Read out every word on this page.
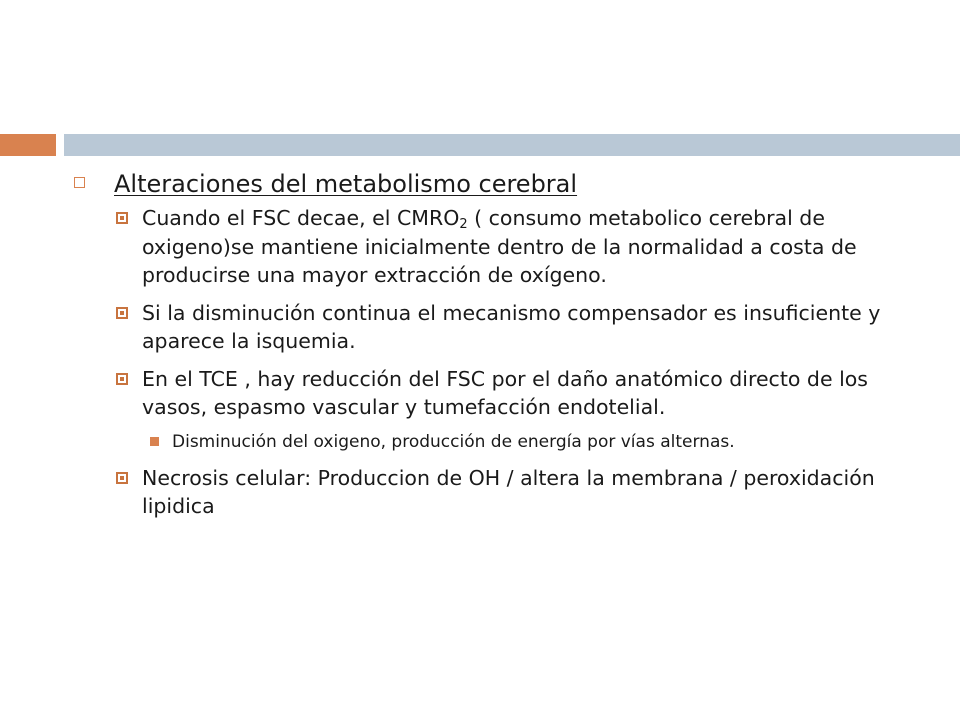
Alteraciones del metabolismo cerebral
Cuando el FSC decae, el $CMRO_2$ ( consumo metabolico cerebral de oxigeno)se mantiene inicialmente dentro de la normalidad a costa de producirse una mayor extracción de oxígeno.
Si la disminución continua el mecanismo compensador es insuficiente y aparece la isquemia.
En el TCE , hay reducción del FSC por el daño anatómico directo de los vasos, espasmo vascular y tumefacción endotelial.
Disminución del oxigeno, producción de energía por vías alternas.
Necrosis celular: Produccion de OH / altera la membrana / peroxidación lipidica
